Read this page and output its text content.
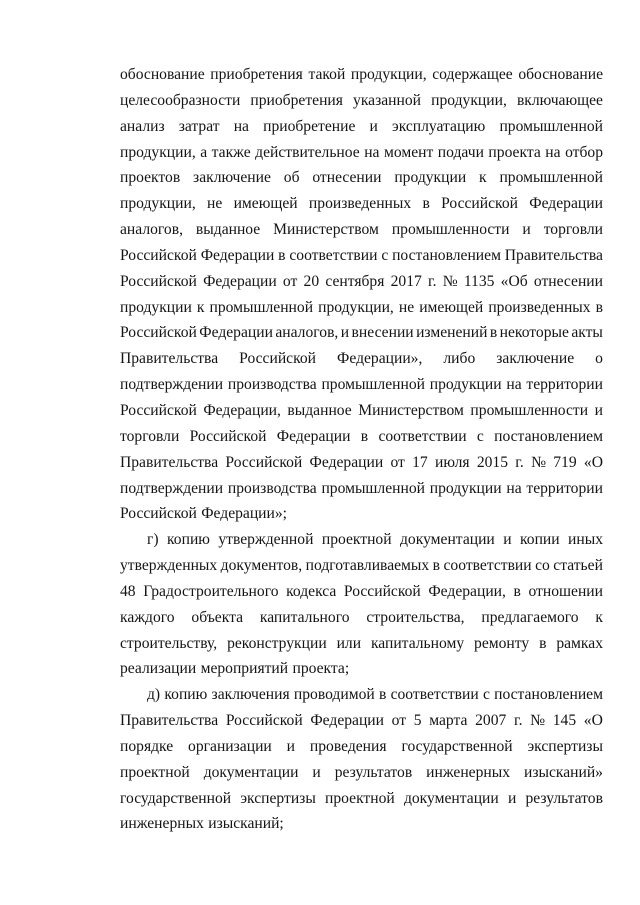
обоснование приобретения такой продукции, содержащее обоснование
целесообразности приобретения указанной продукции, включающее
анализ затрат на приобретение и эксплуатацию промышленной
продукции, а также действительное на момент подачи проекта на отбор
проектов заключение об отнесении продукции к промышленной
продукции, не имеющей произведенных в Российской Федерации
аналогов, выданное Министерством промышленности и торговли
Российской Федерации в соответствии с постановлением Правительства
Российской Федерации от 20 сентября 2017 г. № 1135 «Об отнесении
продукции к промышленной продукции, не имеющей произведенных в
Российской Федерации аналогов, и внесении изменений в некоторые акты
Правительства Российской Федерации», либо заключение о
подтверждении производства промышленной продукции на территории
Российской Федерации, выданное Министерством промышленности и
торговли Российской Федерации в соответствии с постановлением
Правительства Российской Федерации от 17 июля 2015 г. № 719 «О
подтверждении производства промышленной продукции на территории
Российской Федерации»;
г) копию утвержденной проектной документации и копии иных
утвержденных документов, подготавливаемых в соответствии со статьей
48 Градостроительного кодекса Российской Федерации, в отношении
каждого объекта капитального строительства, предлагаемого к
строительству, реконструкции или капитальному ремонту в рамках
реализации мероприятий проекта;
д) копию заключения проводимой в соответствии с постановлением
Правительства Российской Федерации от 5 марта 2007 г. № 145 «О
порядке организации и проведения государственной экспертизы
проектной документации и результатов инженерных изысканий»
государственной экспертизы проектной документации и результатов
инженерных изысканий;
